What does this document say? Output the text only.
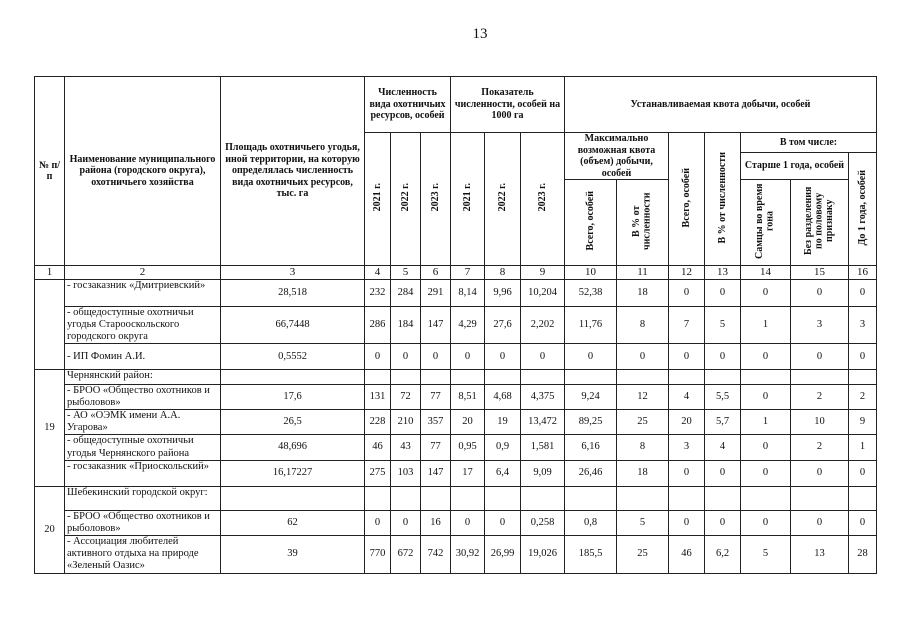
13
№ п/п	Наименование муниципального района (городского округа), охотничьего хозяйства	Площадь охотничьего угодья, иной территории, на которую определялась численность вида охотничьих ресурсов, тыс. га	Численность вида охотничьих ресурсов, особей			Показатель численности, особей на 1000 га			Устанавливаемая квота добычи, особей						
			2021 г.	2022 г.	2023 г.	2021 г.	2022 г.	2023 г.	Максимально возможная квота (объем) добычи, особей		Всего, особей	В % от численности	В том числе:		
													Старше 1 года, особей		До 1 года, особей
									Всего, особей	В % от численности			Самцы во время гона	Без разделения по половому признаку	
1	2	3	4	5	6	7	8	9	10	11	12	13	14	15	16
	- госзаказник «Дмитриевский»	28,518	232	284	291	8,14	9,96	10,204	52,38	18	0	0	0	0	0
	- общедоступные охотничьи угодья Старооскольского городского округа	66,7448	286	184	147	4,29	27,6	2,202	11,76	8	7	5	1	3	3
	- ИП Фомин А.И.	0,5552	0	0	0	0	0	0	0	0	0	0	0	0	0
19	Чернянский район:														
	- БРОО «Общество охотников и рыболовов»	17,6	131	72	77	8,51	4,68	4,375	9,24	12	4	5,5	0	2	2
	- АО «ОЭМК имени А.А. Угарова»	26,5	228	210	357	20	19	13,472	89,25	25	20	5,7	1	10	9
	- общедоступные охотничьи угодья Чернянского района	48,696	46	43	77	0,95	0,9	1,581	6,16	8	3	4	0	2	1
	- госзаказник «Приоскольский»	16,17227	275	103	147	17	6,4	9,09	26,46	18	0	0	0	0	0
20	Шебекинский городской округ:														
	- БРОО «Общество охотников и рыболовов»	62	0	0	16	0	0	0,258	0,8	5	0	0	0	0	0
	- Ассоциация любителей активного отдыха на природе «Зеленый Оазис»	39	770	672	742	30,92	26,99	19,026	185,5	25	46	6,2	5	13	28
